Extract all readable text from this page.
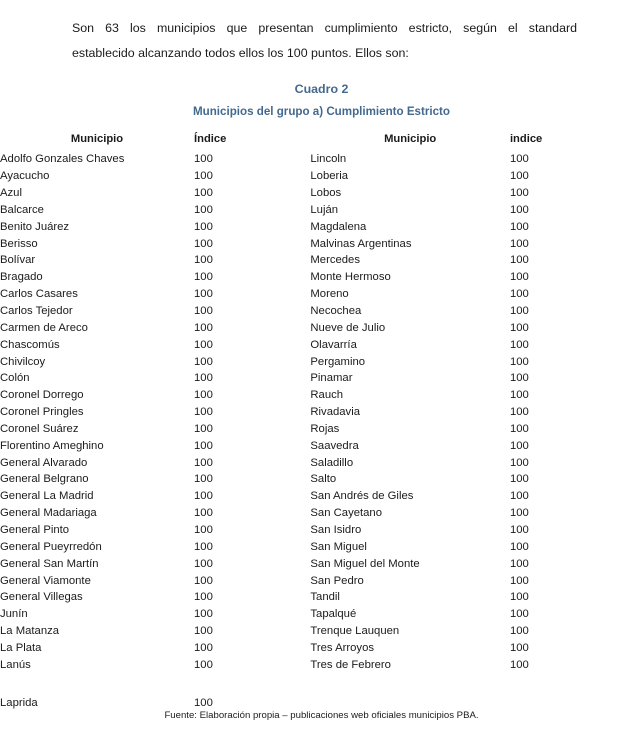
Son 63 los municipios que presentan cumplimiento estricto, según el standard
establecido alcanzando todos ellos los 100 puntos. Ellos son:
Cuadro 2
Municipios del grupo a) Cumplimiento Estricto
Municipio	Índice	Municipio	indice
Adolfo Gonzales Chaves	100	Lincoln	100
Ayacucho	100	Loberia	100
Azul	100	Lobos	100
Balcarce	100	Luján	100
Benito Juárez	100	Magdalena	100
Berisso	100	Malvinas Argentinas	100
Bolívar	100	Mercedes	100
Bragado	100	Monte Hermoso	100
Carlos Casares	100	Moreno	100
Carlos Tejedor	100	Necochea	100
Carmen de Areco	100	Nueve de Julio	100
Chascomús	100	Olavarría	100
Chivilcoy	100	Pergamino	100
Colón	100	Pinamar	100
Coronel Dorrego	100	Rauch	100
Coronel Pringles	100	Rivadavia	100
Coronel Suárez	100	Rojas	100
Florentino Ameghino	100	Saavedra	100
General Alvarado	100	Saladillo	100
General Belgrano	100	Salto	100
General La Madrid	100	San Andrés de Giles	100
General Madariaga	100	San Cayetano	100
General Pinto	100	San Isidro	100
General Pueyrredón	100	San Miguel	100
General San Martín	100	San Miguel del Monte	100
General Viamonte	100	San Pedro	100
General Villegas	100	Tandil	100
Junín	100	Tapalqué	100
La Matanza	100	Trenque Lauquen	100
La Plata	100	Tres Arroyos	100
Lanús	100	Tres de Febrero	100

Laprida	100		
Fuente: Elaboración propia – publicaciones web oficiales municipios PBA.
